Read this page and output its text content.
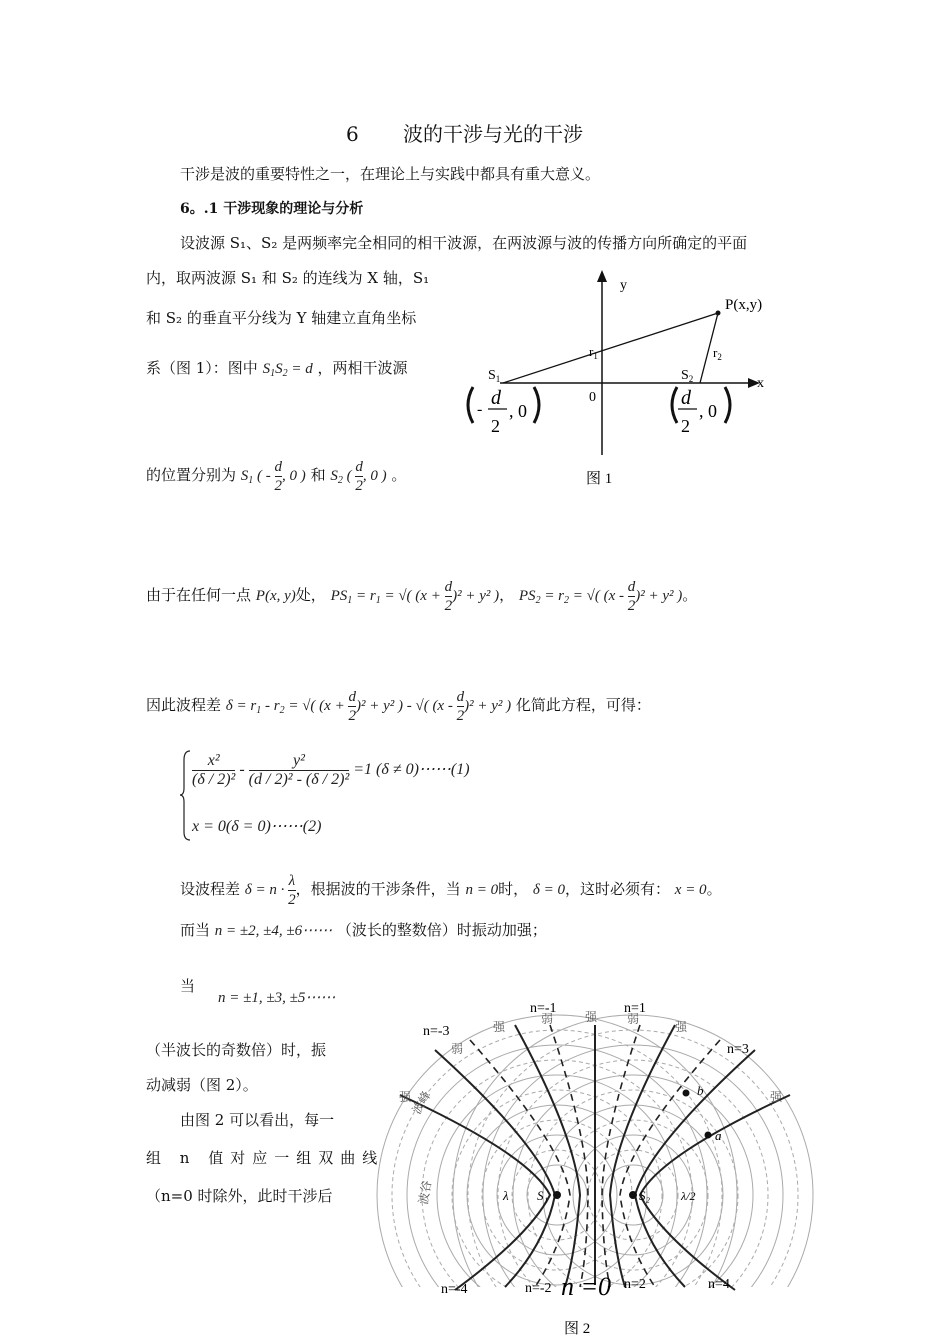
6 波的干涉与光的干涉
干涉是波的重要特性之一，在理论上与实践中都具有重大意义。
6。.1 干涉现象的理论与分析
设波源 S₁、S₂ 是两频率完全相同的相干波源，在两波源与波的传播方向所确定的平面
内，取两波源 S₁ 和 S₂ 的连线为 X 轴，S₁
和 S₂ 的垂直平分线为 Y 轴建立直角坐标
系（图 1）：图中 $S_1S_2 = d$ ，两相干波源
的位置分别为 $S_1$ ( - $\frac{d}{2}$ , 0 ) 和 $S_2$ ( $\frac{d}{2}$ , 0 ) 。
y
x
0
P(x,y)
$r_1$	$r_2$
$S_1$	$S_2$
-
d
2
, 0
d
2
, 0
图 1
由于在任何一点 P(x, y)处， $PS_1 = r_1$ = √( $(x + \frac{d}{2} )^2 + y^2$ )， $PS_2 = r_2$ = √( $(x - \frac{d}{2} )^2 + y^2$ )。
因此波程差 $\delta = r_1 - r_2$ = √( $(x + \frac{d}{2} )^2 + y^2$ ) - √( $(x - \frac{d}{2} )^2 + y^2$ ) 化简此方程，可得：
$\frac{\text{x²}}{\text{(δ / 2)²}} - \frac{\text{y²}}{\text{(d / 2)² - (δ / 2)²}} =1$ (δ ≠ 0)⋯⋯(1)
x = 0(δ = 0)⋯⋯(2)
设波程差 $\delta = n \cdot \frac{\lambda}{2}$ ，根据波的干涉条件，当 n = 0时， δ = 0，这时必须有： x = 0。
而当 n = ±2, ±4, ±6⋯⋯ （波长的整数倍）时振动加强；
当
n = ±1, ±3, ±5⋯⋯
（半波长的奇数倍）时，振
动减弱（图 2）。
由图 2 可以看出，每一
组 n 值对应一组双曲线
（n=0 时除外，此时干涉后
a
b
S₁	S₂
λ	λ/2
强
弱	强 弱
强
弱
强	强
波峰
波谷
n=-1	n=1
n=-3
n=3
n=-4	n=-2 n =0 n=2	n=4
图 2
